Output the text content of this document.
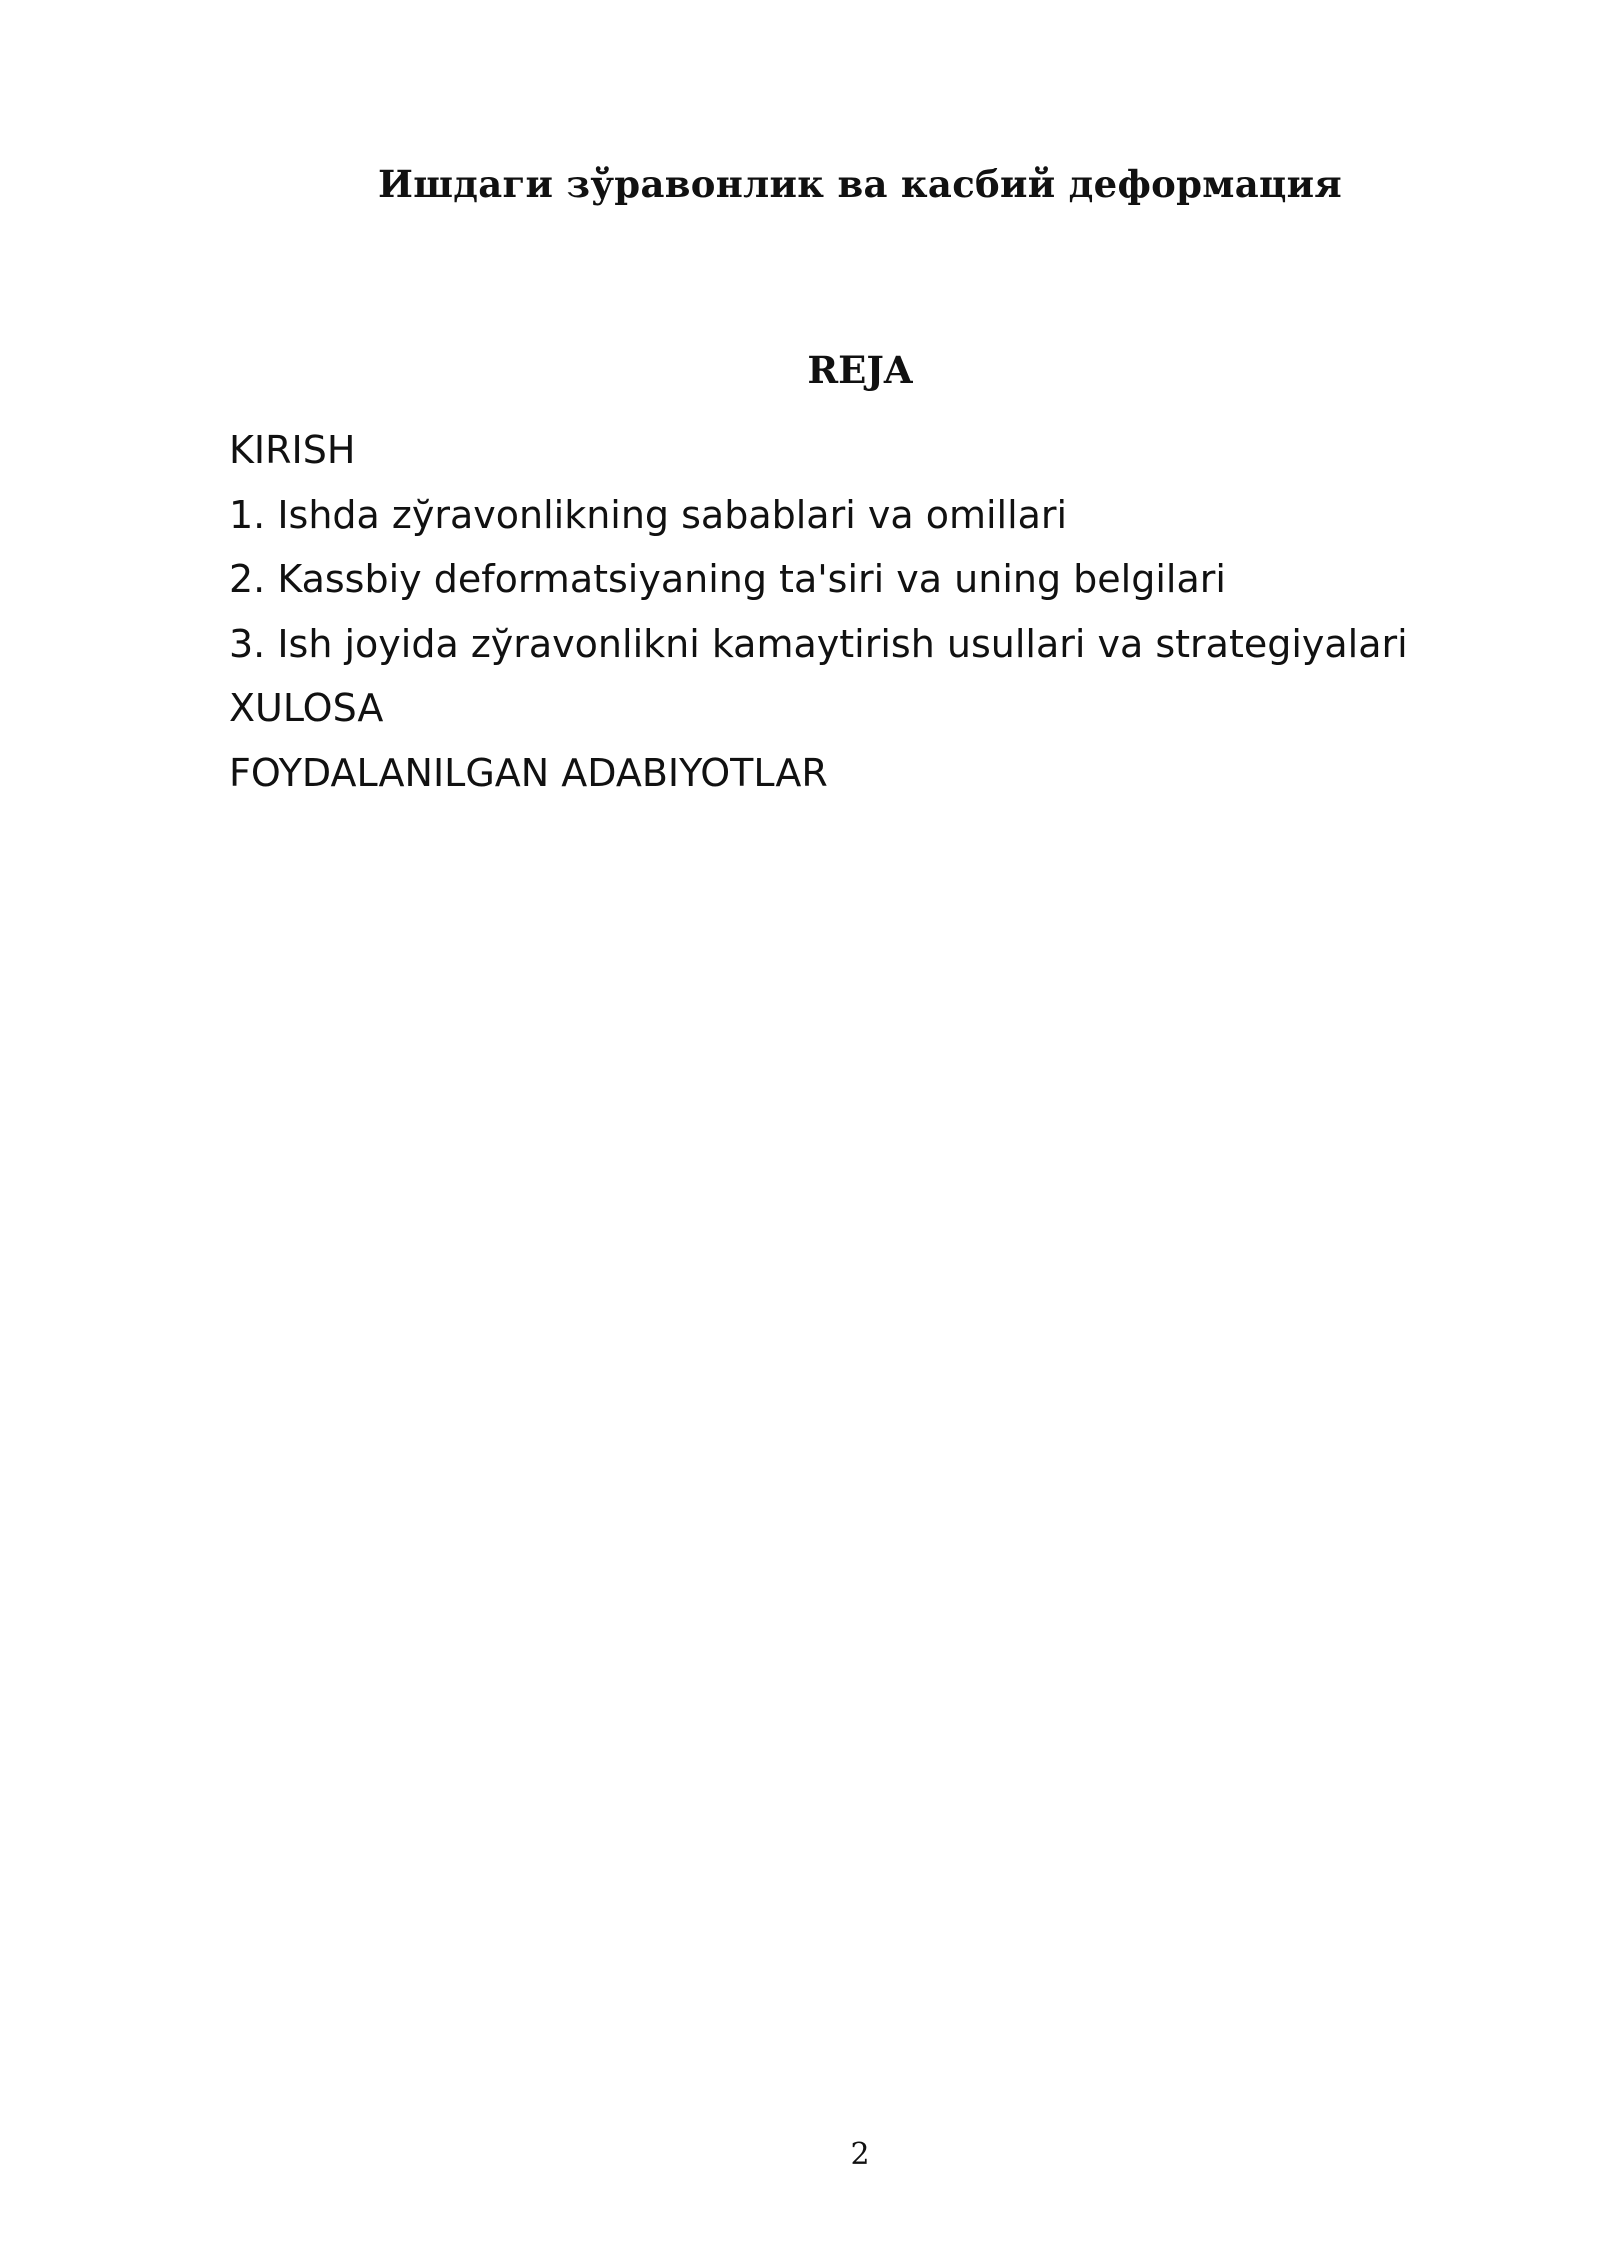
Ишдаги зўравонлик ва касбий деформация
REJA
KIRISH
1. Ishda zўravonlikning sabablari va omillari
2. Kassbiy deformatsiyaning ta'siri va uning belgilari
3. Ish joyida zўravonlikni kamaytirish usullari va strategiyalari
XULOSA
FOYDALANILGAN ADABIYOTLAR
2
